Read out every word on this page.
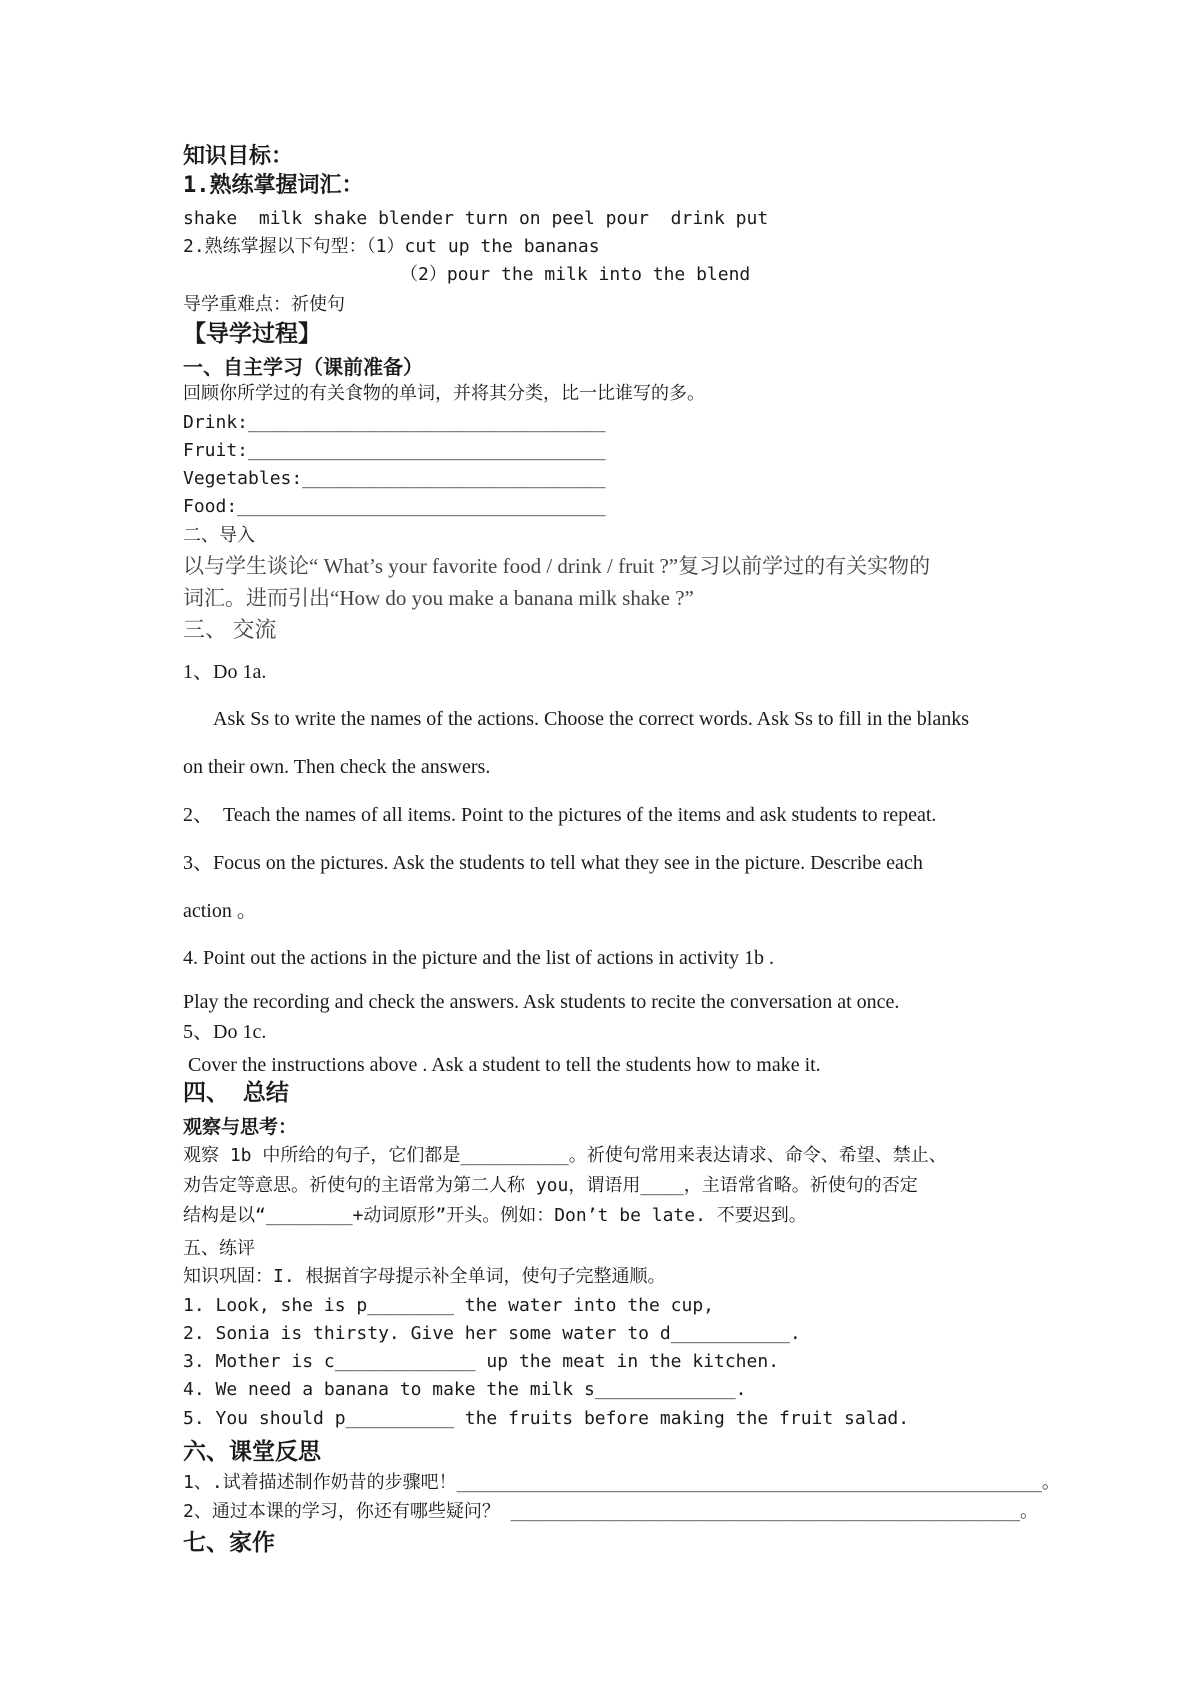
知识目标：
1.熟练掌握词汇：
shake  milk shake blender turn on peel pour  drink put
2.熟练掌握以下句型：（1）cut up the bananas
（2）pour the milk into the blend
导学重难点：祈使句
【导学过程】
一、自主学习（课前准备）
回顾你所学过的有关食物的单词，并将其分类，比一比谁写的多。
Drink:_________________________________
Fruit:_________________________________
Vegetables:____________________________
Food:__________________________________
二、导入
以与学生谈论“ What’s your favorite food / drink / fruit ?”复习以前学过的有关实物的
词汇。进而引出“How do you make a banana milk shake ?”
三、 交流
1、Do 1a.
Ask Ss to write the names of the actions. Choose the correct words. Ask Ss to fill in the blanks
on their own. Then check the answers.
2、  Teach the names of all items. Point to the pictures of the items and ask students to repeat.
3、Focus on the pictures. Ask the students to tell what they see in the picture. Describe each
action 。
4. Point out the actions in the picture and the list of actions in activity 1b .
Play the recording and check the answers. Ask students to recite the conversation at once.
5、Do 1c.
Cover the instructions above . Ask a student to tell the students how to make it.
四、 总结
观察与思考：
观察 1b 中所给的句子，它们都是__________。祈使句常用来表达请求、命令、希望、禁止、
劝告定等意思。祈使句的主语常为第二人称 you，谓语用____，主语常省略。祈使句的否定
结构是以“________+动词原形”开头。例如：Don’t be late. 不要迟到。
五、练评
知识巩固：I. 根据首字母提示补全单词，使句子完整通顺。
1. Look, she is p________ the water into the cup,
2. Sonia is thirsty. Give her some water to d___________.
3. Mother is c_____________ up the meat in the kitchen.
4. We need a banana to make the milk s_____________.
5. You should p__________ the fruits before making the fruit salad.
六、课堂反思
1、.试着描述制作奶昔的步骤吧！______________________________________________________。
2、通过本课的学习，你还有哪些疑问？ _______________________________________________。
七、家作
